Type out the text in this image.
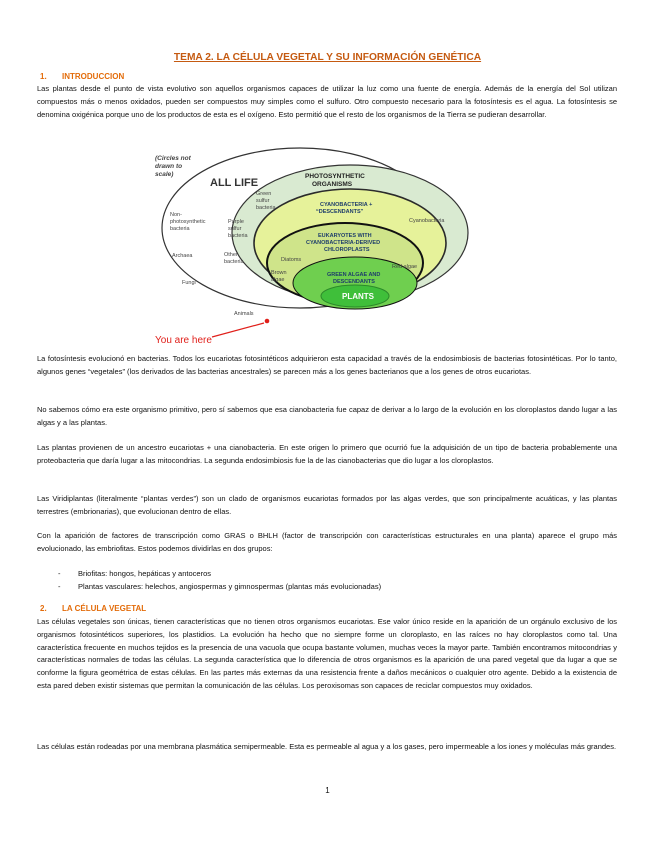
TEMA 2. LA CÉLULA VEGETAL Y SU INFORMACIÓN GENÉTICA
1. INTRODUCCION

Las plantas desde el punto de vista evolutivo son aquellos organismos capaces de utilizar la luz como una fuente de energía. Además de la energía del Sol utilizan compuestos más o menos oxidados, pueden ser compuestos muy simples como el sulfuro. Otro compuesto necesario para la fotosíntesis es el agua. La fotosíntesis se denomina oxigénica porque uno de los productos de esta es el oxígeno. Esto permitió que el resto de los organismos de la Tierra se pudieran desarrollar.

(Circles not drawn to scale)
ALL LIFE
PHOTOSYNTHETIC ORGANISMS
Non- photosynthetic bacteria
Archaea
Fungi
Animals
Green sulfur bacteria
Purple sulfur bacteria
Other bacteria
CYANOBACTERIA + “DESCENDANTS”
Cyanobacteria
EUKARYOTES WITH CYANOBACTERIA-DERIVED CHLOROPLASTS
Diatoms
Red algae
Brown algae
GREEN ALGAE AND DESCENDANTS
PLANTS
You are here

La fotosíntesis evolucionó en bacterias. Todos los eucariotas fotosintéticos adquirieron esta capacidad a través de la endosimbiosis de bacterias fotosintéticas. Por lo tanto, algunos genes “vegetales” (los derivados de las bacterias ancestrales) se parecen más a los genes bacterianos que a los genes de otros eucariotas.

No sabemos cómo era este organismo primitivo, pero sí sabemos que esa cianobacteria fue capaz de derivar a lo largo de la evolución en los cloroplastos dando lugar a las algas y a las plantas.

Las plantas provienen de un ancestro eucariotas + una cianobacteria. En este origen lo primero que ocurrió fue la adquisición de un tipo de bacteria probablemente una proteobacteria que daría lugar a las mitocondrias. La segunda endosimbiosis fue la de las cianobacterias que dio lugar a los cloroplastos.

Las Viridiplantas (literalmente “plantas verdes”) son un clado de organismos eucariotas formados por las algas verdes, que son principalmente acuáticas, y las plantas terrestres (embrionarias), que evolucionan dentro de ellas.

Con la aparición de factores de transcripción como GRAS o BHLH (factor de transcripción con características estructurales en una planta) aparece el grupo más evolucionado, las embriofitas. Estos podemos dividirlas en dos grupos:

- Briofitas: hongos, hepáticas y antoceros
- Plantas vasculares: helechos, angiospermas y gimnospermas (plantas más evolucionadas)
2. LA CÉLULA VEGETAL

Las células vegetales son únicas, tienen características que no tienen otros organismos eucariotas. Ese valor único reside en la aparición de un orgánulo exclusivo de los organismos fotosintéticos superiores, los plastidios. La evolución ha hecho que no siempre forme un cloroplasto, en las raíces no hay cloroplastos como tal. Una característica frecuente en muchos tejidos es la presencia de una vacuola que ocupa bastante volumen, muchas veces la mayor parte. También encontramos mitocondrias y características normales de todas las células. La segunda característica que lo diferencia de otros organismos es la aparición de una pared vegetal que da lugar a que se conforme la figura geométrica de estas células. En las partes más externas da una resistencia frente a daños mecánicos o cualquier otro agente. Debido a la existencia de esta pared deben existir sistemas que permitan la comunicación de las células. Los peroxisomas son capaces de reciclar compuestos muy oxidados.

Las células están rodeadas por una membrana plasmática semipermeable. Esta es permeable al agua y a los gases, pero impermeable a los iones y moléculas más grandes.

1
